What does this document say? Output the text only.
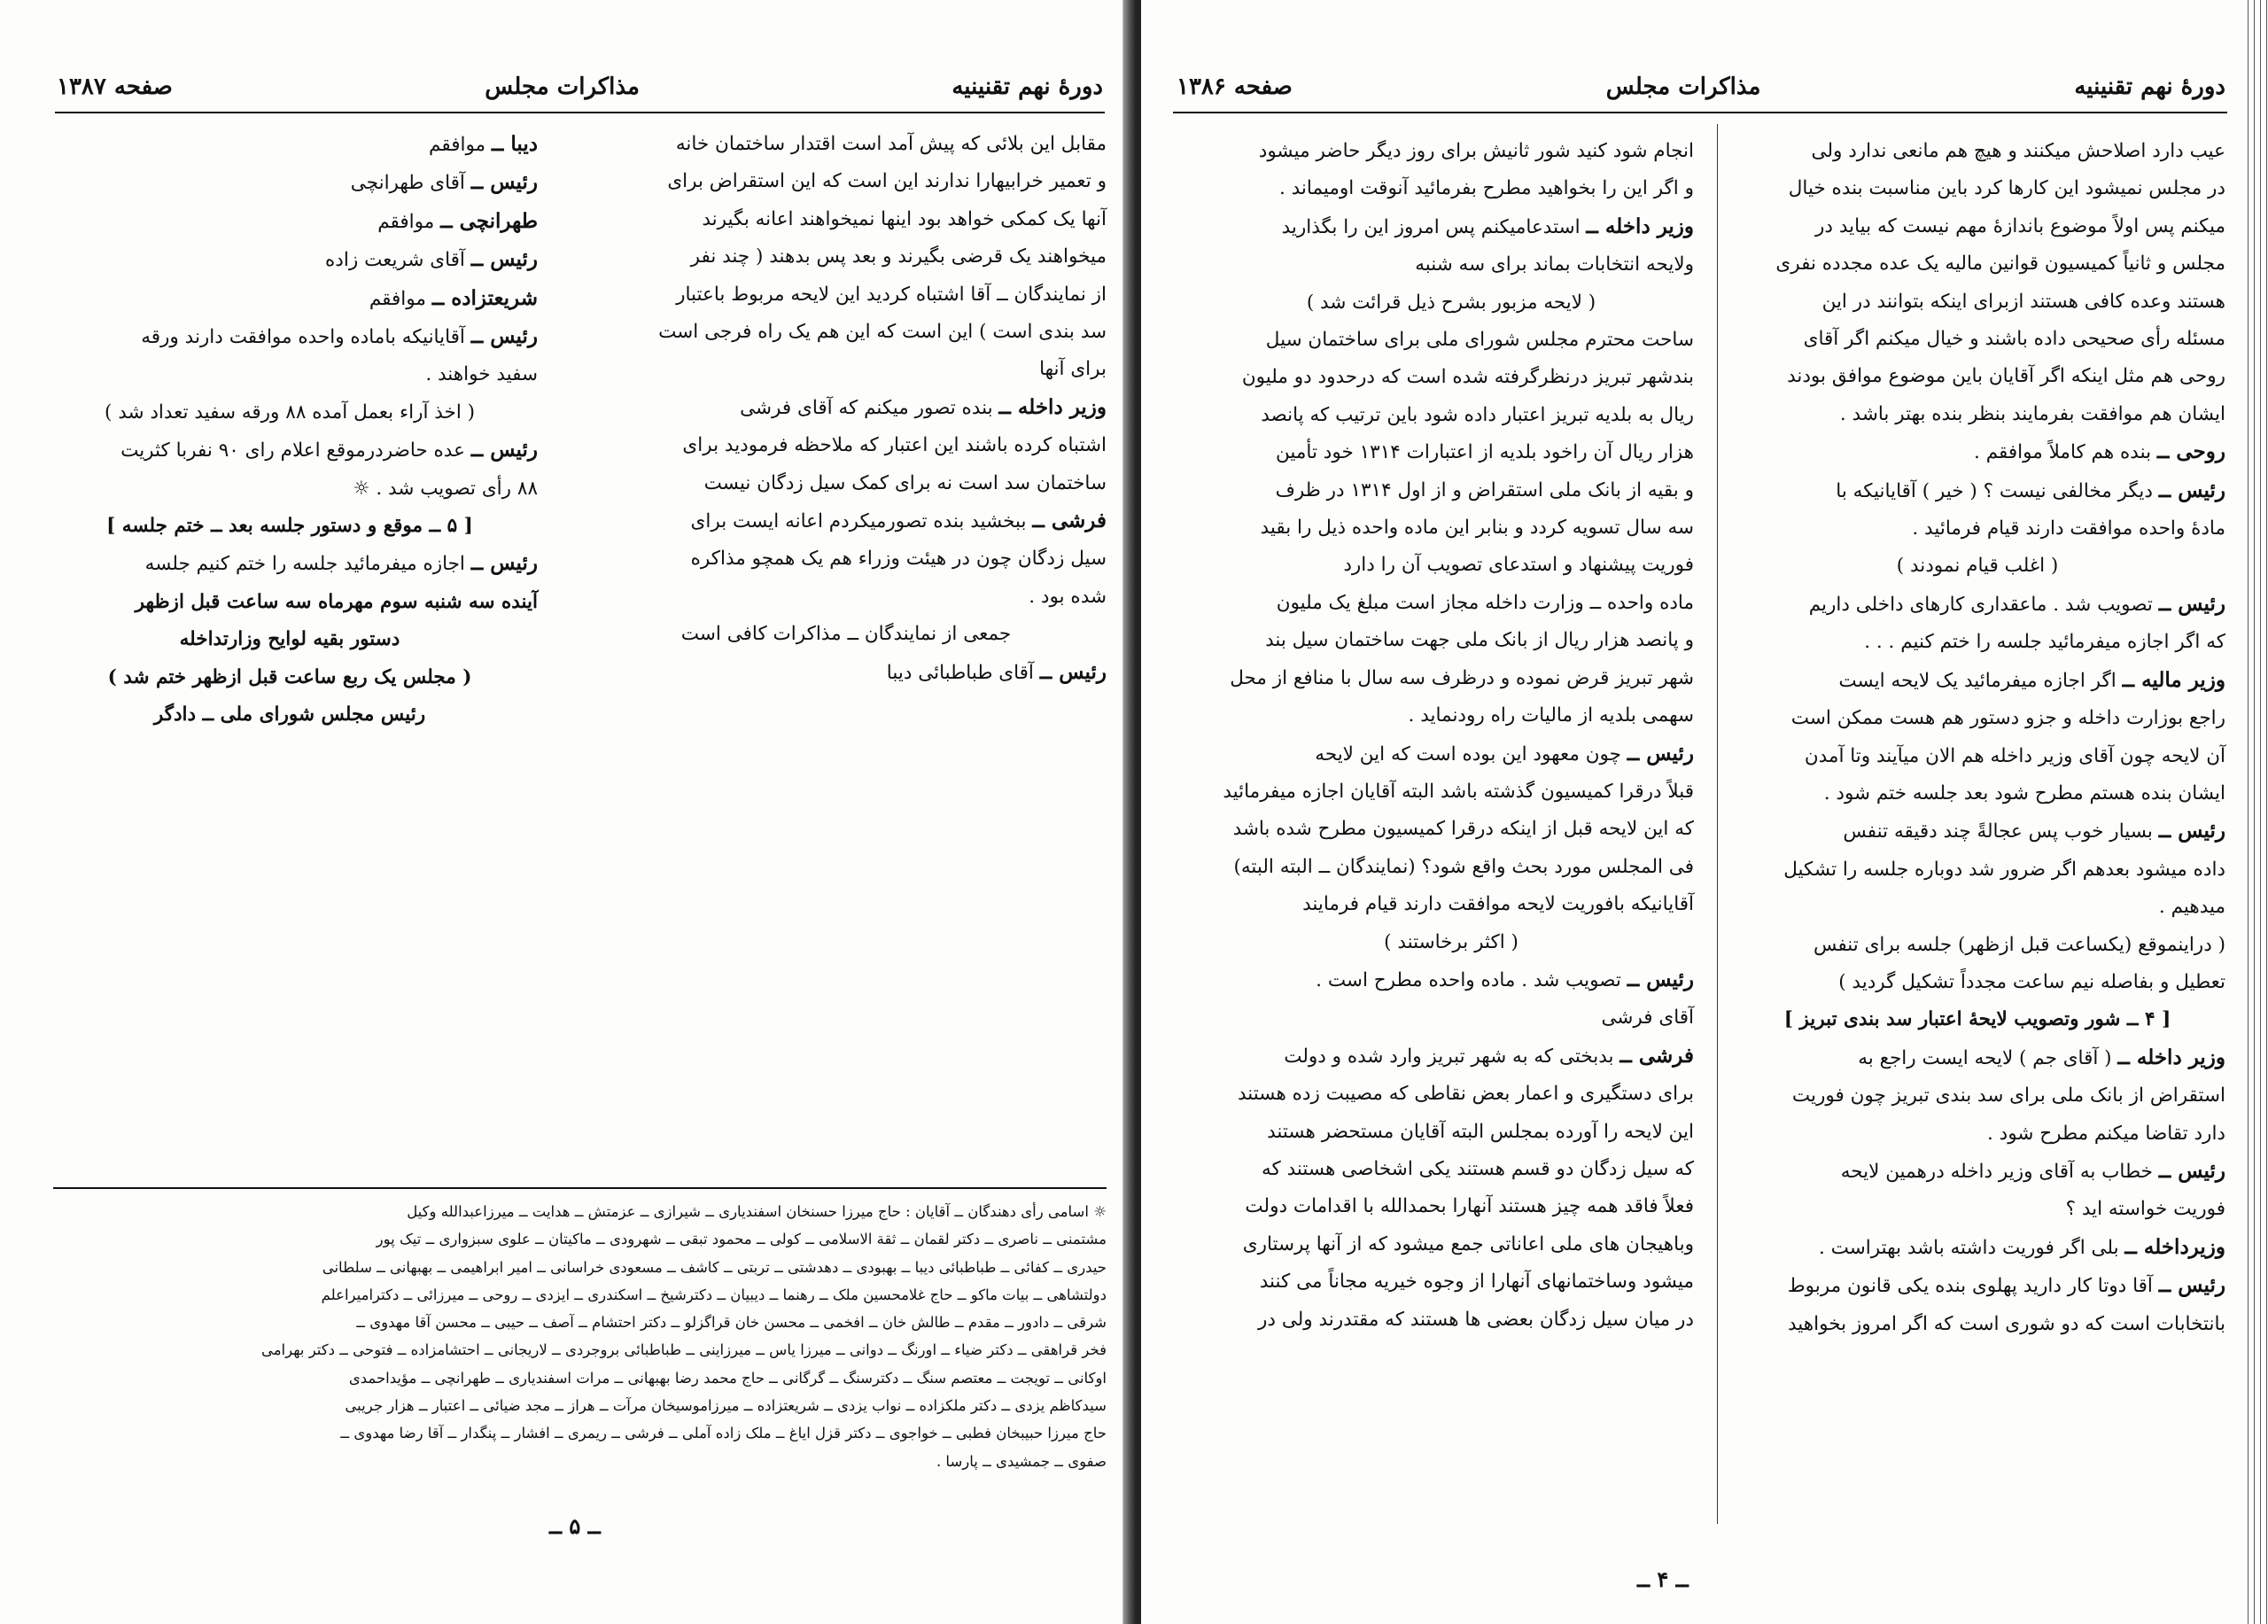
دورهٔ نهم تقنینیه
مذاکرات مجلس
صفحه ۱۳۸۷
مقابل این بلائی که پیش آمد است اقتدار ساختمان خانه
و تعمیر خرابیهارا ندارند این است که این استقراض برای
آنها یک کمکی خواهد بود اینها نمیخواهند اعانه بگیرند
میخواهند یک قرضی بگیرند و بعد پس بدهند ( چند نفر
از نمایندگان ــ آقا اشتباه کردید این لایحه مربوط باعتبار
سد بندی است ) این است که این هم یک راه فرجی است
برای آنها
وزیر داخله ــ بنده تصور میکنم که آقای فرشی
اشتباه کرده باشند این اعتبار که ملاحظه فرمودید برای
ساختمان سد است نه برای کمک سیل زدگان نیست
فرشی ــ ببخشید بنده تصورمیکردم اعانه ایست برای
سیل زدگان چون در هیئت وزراء هم یک همچو مذاکره
شده بود .
جمعی از نمایندگان ــ مذاکرات کافی است
رئیس ــ آقای طباطبائی دیبا
دیبا ــ موافقم
رئیس ــ آقای طهرانچی
طهرانچی ــ موافقم
رئیس ــ آقای شریعت زاده
شریعتزاده ــ موافقم
رئیس ــ آقایانیکه باماده واحده موافقت دارند ورقه
سفید خواهند .
( اخذ آراء بعمل آمده ۸۸ ورقه سفید تعداد شد )
رئیس ــ عده حاضردرموقع اعلام رای ۹۰ نفربا کثریت
۸۸ رأی تصویب شد . ☼
[ ۵ ــ موقع و دستور جلسه بعد ــ ختم جلسه ]
رئیس ــ اجازه میفرمائید جلسه را ختم کنیم جلسه
آینده سه شنبه سوم مهرماه سه ساعت قبل ازظهر
دستور بقیه لوایح وزارتداخله
( مجلس یک ربع ساعت قبل ازظهر ختم شد )
رئیس مجلس شورای ملی ــ دادگر
☼ اسامی رأی دهندگان ــ آقایان : حاج میرزا حسنخان اسفندیاری ــ شیرازی ــ عزمتش ــ هدایت ــ میرزاعبدالله وکیل
مشتمنی ــ ناصری ــ دکتر لقمان ــ ثقة الاسلامی ــ کولی ــ محمود تبقی ــ شهرودی ــ ماکیتان ــ علوی سبزواری ــ تیک پور
حیدری ــ کفائی ــ طباطبائی دیبا ــ بهبودی ــ دهدشتی ــ تربتی ــ کاشف ــ مسعودی خراسانی ــ امیر ابراهیمی ــ بهبهانی ــ سلطانی
دولتشاهی ــ بیات ماکو ــ حاج غلامحسین ملک ــ رهنما ــ دیبیان ــ دکترشیخ ــ اسکندری ــ ایزدی ــ روحی ــ میرزائی ــ دکترامیراعلم
شرقی ــ دادور ــ مقدم ــ طالش خان ــ افخمی ــ محسن خان قراگزلو ــ دکتر احتشام ــ آصف ــ حیبی ــ محسن آقا مهدوی ــ
فخر قراهقی ــ دکتر ضیاء ــ اورنگ ــ دوانی ــ میرزا یاس ــ میرزاینی ــ طباطبائی بروجردی ــ لاریجانی ــ احتشامزاده ــ فتوحی ــ دکتر بهرامی
اوکانی ــ تویجت ــ معتصم سنگ ــ دکترسنگ ــ گرگانی ــ حاج محمد رضا بهبهانی ــ مرات اسفندیاری ــ طهرانچی ــ مؤیداحمدی
سیدکاظم یزدی ــ دکتر ملکزاده ــ نواب یزدی ــ شریعتزاده ــ میرزاموسیخان مرآت ــ هراز ــ مجد ضیائی ــ اعتبار ــ هزار جریبی
حاج میرزا حبیبخان فطبی ــ خواجوی ــ دکتر قزل ایاغ ــ ملک زاده آملی ــ فرشی ــ ریمری ــ افشار ــ پنگدار ــ آقا رضا مهدوی ــ
صفوی ــ جمشیدی ــ پارسا .
ــ ۵ ــ
دورهٔ نهم تقنینیه
مذاکرات مجلس
صفحه ۱۳۸۶
عیب دارد اصلاحش میکنند و هیچ هم مانعی ندارد ولی
در مجلس نمیشود این کارها کرد باین مناسبت بنده خیال
میکنم پس اولاً موضوع باندازهٔ مهم نیست که بیاید در
مجلس و ثانیاً کمیسیون قوانین مالیه یک عده مجدده نفری
هستند وعده کافی هستند ازبرای اینکه بتوانند در این
مسئله رأی صحیحی داده باشند و خیال میکنم اگر آقای
روحی هم مثل اینکه اگر آقایان باین موضوع موافق بودند
ایشان هم موافقت بفرمایند بنظر بنده بهتر باشد .
روحی ــ بنده هم کاملاً موافقم .
رئیس ــ دیگر مخالفی نیست ؟ ( خیر ) آقایانیکه با
مادهٔ واحده موافقت دارند قیام فرمائید .
( اغلب قیام نمودند )
رئیس ــ تصویب شد . ماعقداری کارهای داخلی داریم
که اگر اجازه میفرمائید جلسه را ختم کنیم . . .
وزیر مالیه ــ اگر اجازه میفرمائید یک لایحه ایست
راجع بوزارت داخله و جزو دستور هم هست ممکن است
آن لایحه چون آقای وزیر داخله هم الان میآیند وتا آمدن
ایشان بنده هستم مطرح شود بعد جلسه ختم شود .
رئیس ــ بسیار خوب پس عجالةً چند دقیقه تنفس
داده میشود بعدهم اگر ضرور شد دوباره جلسه را تشکیل
میدهیم .
( دراینموقع (یکساعت قبل ازظهر) جلسه برای تنفس
تعطیل و بفاصله نیم ساعت مجدداً تشکیل گردید )
[ ۴ ــ شور وتصویب لایحهٔ اعتبار سد بندی تبریز ]
وزیر داخله ــ ( آقای جم ) لایحه ایست راجع به
استقراض از بانک ملی برای سد بندی تبریز چون فوریت
دارد تقاضا میکنم مطرح شود .
رئیس ــ خطاب به آقای وزیر داخله درهمین لایحه
فوریت خواسته اید ؟
وزیرداخله ــ بلی اگر فوریت داشته باشد بهتراست .
رئیس ــ آقا دوتا کار دارید پهلوی بنده یکی قانون مربوط
بانتخابات است که دو شوری است که اگر امروز بخواهید
انجام شود کنید شور ثانیش برای روز دیگر حاضر میشود
و اگر این را بخواهید مطرح بفرمائید آنوقت اومیماند .
وزیر داخله ــ استدعامیکنم پس امروز این را بگذارید
ولایحه انتخابات بماند برای سه شنبه
( لایحه مزبور بشرح ذیل قرائت شد )
ساحت محترم مجلس شورای ملی برای ساختمان سیل
بندشهر تبریز درنظرگرفته شده است که درحدود دو ملیون
ریال به بلدیه تبریز اعتبار داده شود باین ترتیب که پانصد
هزار ریال آن راخود بلدیه از اعتبارات ۱۳۱۴ خود تأمین
و بقیه از بانک ملی استقراض و از اول ۱۳۱۴ در ظرف
سه سال تسویه کردد و بنابر این ماده واحده ذیل را بقید
فوریت پیشنهاد و استدعای تصویب آن را دارد
ماده واحده ــ وزارت داخله مجاز است مبلغ یک ملیون
و پانصد هزار ریال از بانک ملی جهت ساختمان سیل بند
شهر تبریز قرض نموده و درظرف سه سال با منافع از محل
سهمی بلدیه از مالیات راه رودنماید .
رئیس ــ چون معهود این بوده است که این لایحه
قبلاً درقرا کمیسیون گذشته باشد البته آقایان اجازه میفرمائید
که این لایحه قبل از اینکه درقرا کمیسیون مطرح شده باشد
فی المجلس مورد بحث واقع شود؟ (نمایندگان ــ البته البته)
آقایانیکه بافوریت لایحه موافقت دارند قیام فرمایند
( اکثر برخاستند )
رئیس ــ تصویب شد . ماده واحده مطرح است .
آقای فرشی
فرشی ــ بدبختی که به شهر تبریز وارد شده و دولت
برای دستگیری و اعمار بعض نقاطی که مصیبت زده هستند
این لایحه را آورده بمجلس البته آقایان مستحضر هستند
که سیل زدگان دو قسم هستند یکی اشخاصی هستند که
فعلاً فاقد همه چیز هستند آنهارا بحمدالله با اقدامات دولت
وباهیجان های ملی اعاناتی جمع میشود که از آنها پرستاری
میشود وساختمانهای آنهارا از وجوه خیریه مجاناً می کنند
در میان سیل زدگان بعضی ها هستند که مقتدرند ولی در
ــ ۴ ــ
